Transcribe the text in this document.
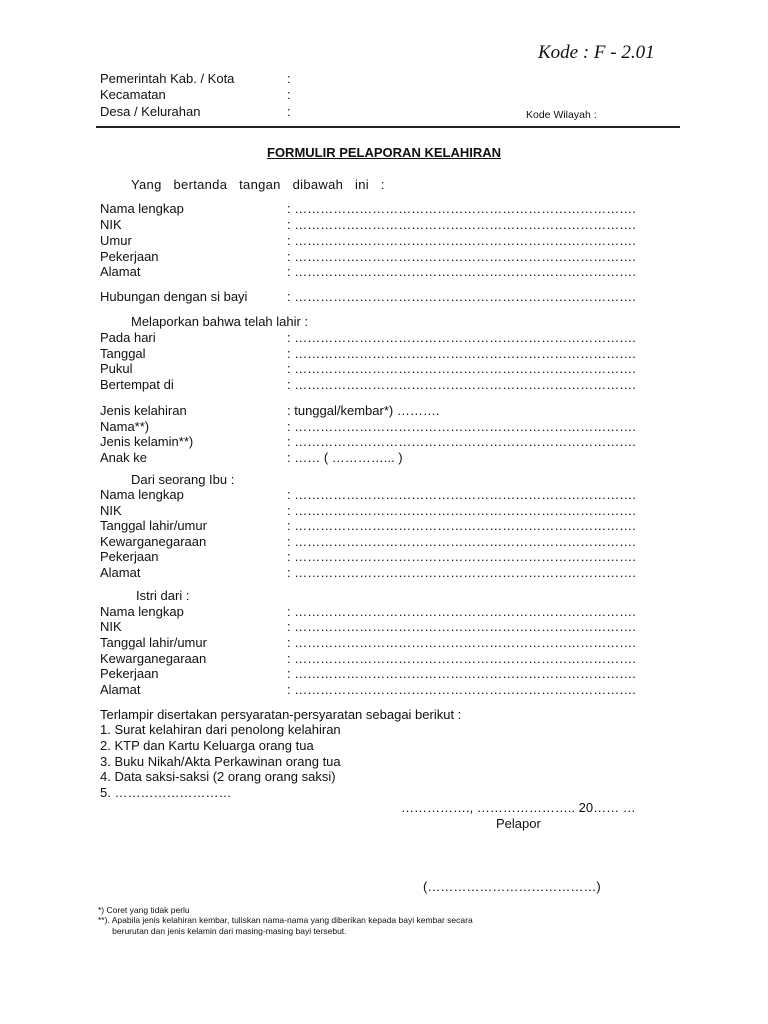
Kode : F - 2.01
Pemerintah Kab. / Kota	:
Kecamatan	:
Desa / Kelurahan	:	Kode Wilayah :
FORMULIR PELAPORAN KELAHIRAN
Yang bertanda tangan dibawah ini :
Nama lengkap	: …………………………………………………………………….
NIK	: …………………………………………………………………….
Umur	: …………………………………………………………………….
Pekerjaan	: …………………………………………………………………….
Alamat	: …………………………………………………………………….
Hubungan dengan si bayi	: …………………………………………………………………….
Melaporkan bahwa telah lahir :
Pada hari	: …………………………………………………………………….
Tanggal	: …………………………………………………………………….
Pukul	: …………………………………………………………………….
Bertempat di	: …………………………………………………………………….
Jenis kelahiran	: tunggal/kembar*) ……….
Nama**)	: …………………………………………………………………….
Jenis kelamin**)	: …………………………………………………………………….
Anak ke	: …… ( …………... )
Dari seorang Ibu :
Nama lengkap	: …………………………………………………………………….
NIK	: …………………………………………………………………….
Tanggal lahir/umur	: …………………………………………………………………….
Kewarganegaraan	: …………………………………………………………………….
Pekerjaan	: …………………………………………………………………….
Alamat	: …………………………………………………………………….
Istri dari :
Nama lengkap	: …………………………………………………………………….
NIK	: …………………………………………………………………….
Tanggal lahir/umur	: …………………………………………………………………….
Kewarganegaraan	: …………………………………………………………………….
Pekerjaan	: …………………………………………………………………….
Alamat	: …………………………………………………………………….
Terlampir disertakan persyaratan-persyaratan sebagai berikut :
1. Surat kelahiran dari penolong kelahiran
2. KTP dan Kartu Keluarga orang tua
3. Buku Nikah/Akta Perkawinan orang tua
4. Data saksi-saksi (2 orang orang saksi)
5. ………………………
……………., ………………….. 20…… …
Pelapor
(…………………………………)
*) Coret yang tidak perlu
**). Apabila jenis kelahiran kembar, tuliskan nama-nama yang diberikan kepada bayi kembar secara
berurutan dan jenis kelamin dari masing-masing bayi tersebut.
